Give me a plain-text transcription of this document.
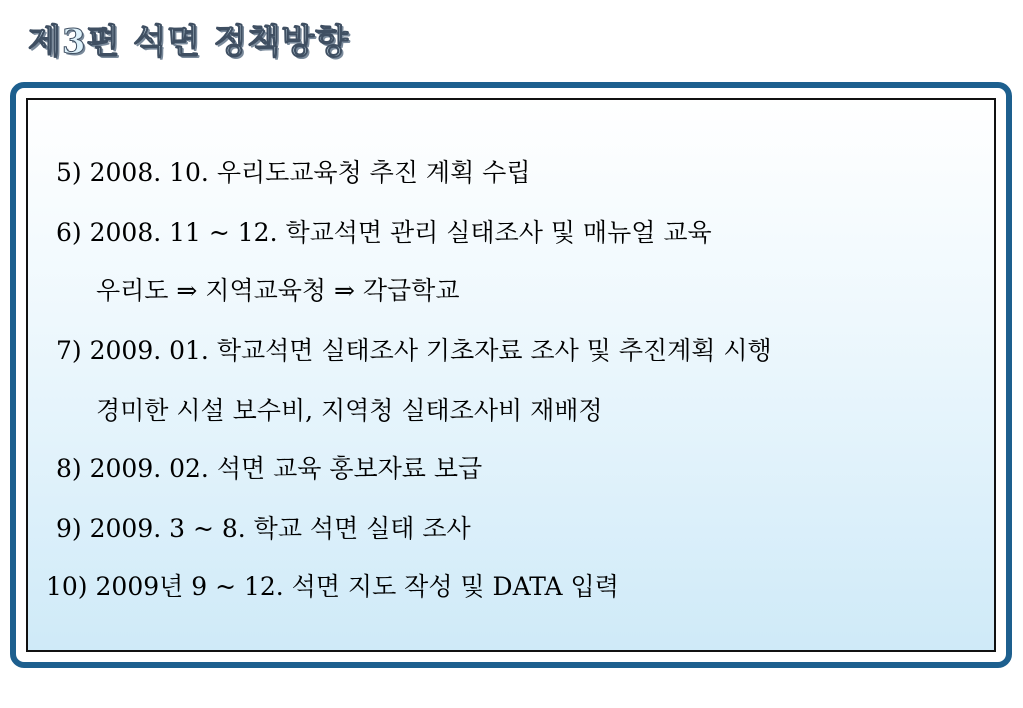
제3편 석면 정책방향
5) 2008. 10. 우리도교육청 추진 계획 수립
6) 2008. 11 ~ 12. 학교석면 관리 실태조사 및 매뉴얼 교육
우리도 ⇒ 지역교육청 ⇒ 각급학교
7) 2009. 01. 학교석면 실태조사 기초자료 조사 및 추진계획 시행
경미한 시설 보수비, 지역청 실태조사비 재배정
8) 2009. 02. 석면 교육 홍보자료 보급
9) 2009. 3 ~ 8. 학교 석면 실태 조사
10) 2009년 9 ~ 12. 석면 지도 작성 및 DATA 입력
